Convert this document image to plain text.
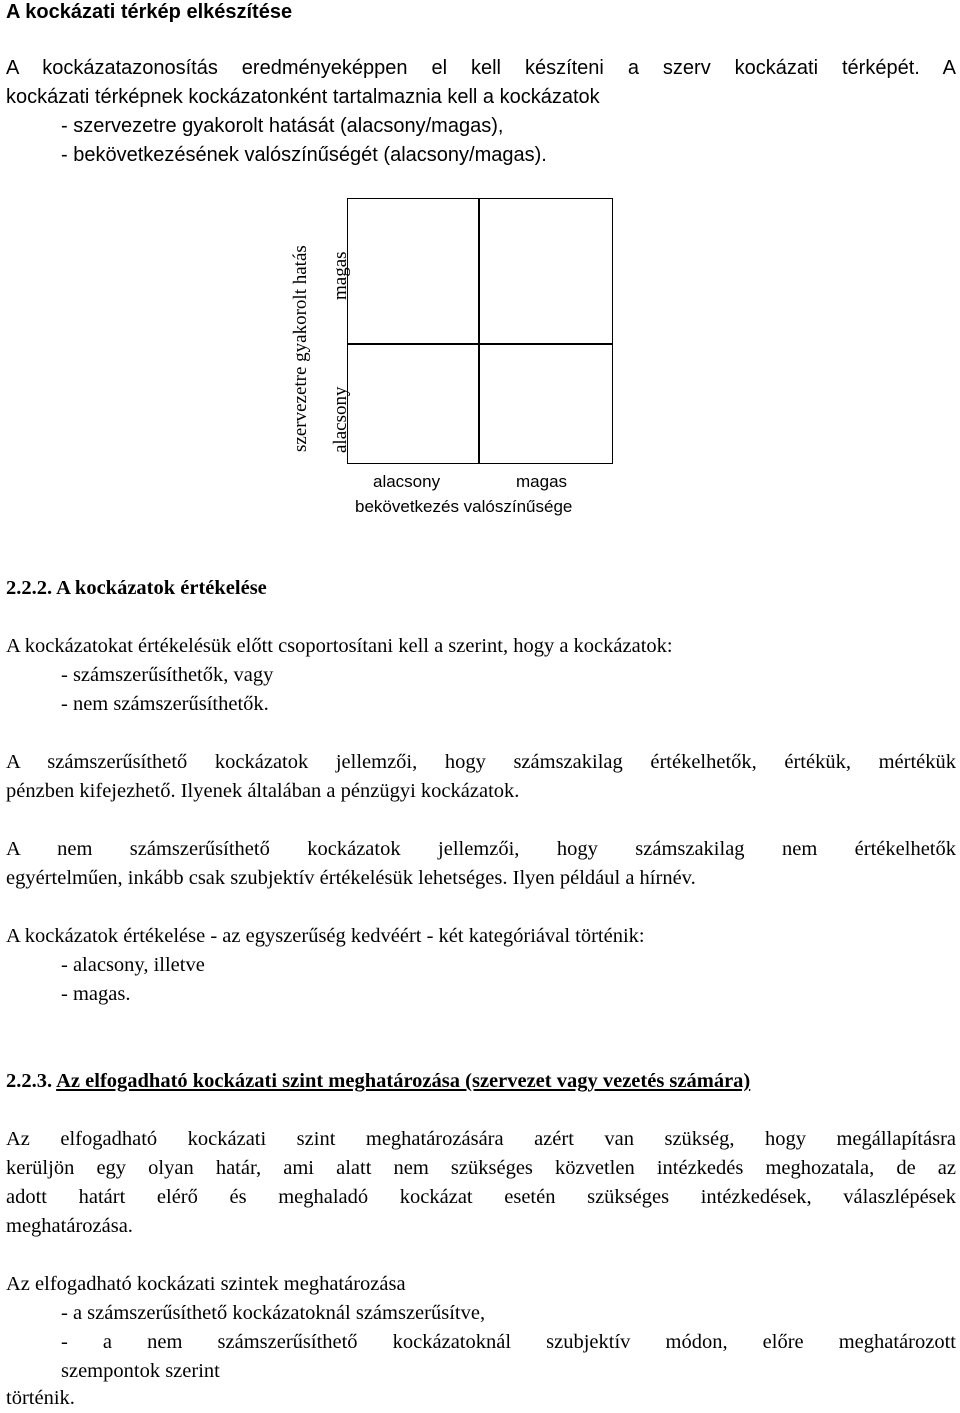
A kockázati térkép elkészítése
A kockázatazonosítás eredményeképpen el kell készíteni a szerv kockázati térképét. A
kockázati térképnek kockázatonként tartalmaznia kell a kockázatok
- szervezetre gyakorolt hatását (alacsony/magas),
- bekövetkezésének valószínűségét (alacsony/magas).
szervezetre gyakorolt hatás magas
alacsony
alacsony	magas
bekövetkezés valószínűsége
2.2.2. A kockázatok értékelése
A kockázatokat értékelésük előtt csoportosítani kell a szerint, hogy a kockázatok:
- számszerűsíthetők, vagy
- nem számszerűsíthetők.
A számszerűsíthető kockázatok jellemzői, hogy számszakilag értékelhetők, értékük, mértékük
pénzben kifejezhető. Ilyenek általában a pénzügyi kockázatok.
A nem számszerűsíthető kockázatok jellemzői, hogy számszakilag nem értékelhetők
egyértelműen, inkább csak szubjektív értékelésük lehetséges. Ilyen például a hírnév.
A kockázatok értékelése - az egyszerűség kedvéért - két kategóriával történik:
- alacsony, illetve
- magas.
2.2.3. Az elfogadható kockázati szint meghatározása (szervezet vagy vezetés számára)
Az elfogadható kockázati szint meghatározására azért van szükség, hogy megállapításra
kerüljön egy olyan határ, ami alatt nem szükséges közvetlen intézkedés meghozatala, de az
adott határt elérő és meghaladó kockázat esetén szükséges intézkedések, válaszlépések
meghatározása.
Az elfogadható kockázati szintek meghatározása
- a számszerűsíthető kockázatoknál számszerűsítve,
- a nem számszerűsíthető kockázatoknál szubjektív módon, előre meghatározott
szempontok szerint
történik.
